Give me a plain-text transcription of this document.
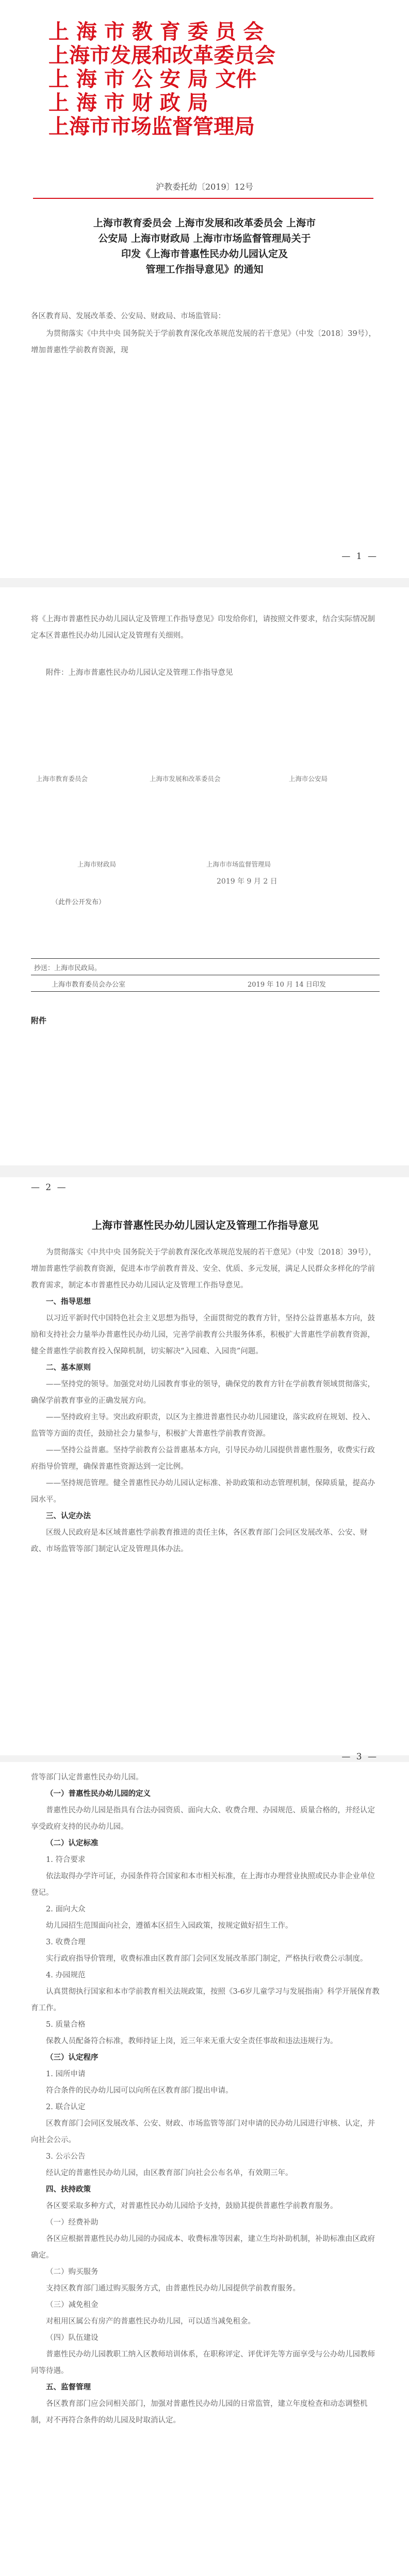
上 海 市 教 育 委 员 会
上海市发展和改革委员会
上 海 市 公 安 局 文件
上 海 市 财 政 局
上海市市场监督管理局
沪教委托幼〔2019〕12号
上海市教育委员会 上海市发展和改革委员会 上海市
公安局 上海市财政局 上海市市场监督管理局关于
印发《上海市普惠性民办幼儿园认定及
管理工作指导意见》的通知

各区教育局、发展改革委、公安局、财政局、市场监管局：

为贯彻落实《中共中央 国务院关于学前教育深化改革规范发展的若干意见》（中发〔2018〕39号），增加普惠性学前教育资源，现

— 1 —

将《上海市普惠性民办幼儿园认定及管理工作指导意见》印发给你们，请按照文件要求，结合实际情况制定本区普惠性民办幼儿园认定及管理有关细则。

附件：上海市普惠性民办幼儿园认定及管理工作指导意见

上海市教育委员会	上海市发展和改革委员会	上海市公安局
上海市财政局	上海市市场监督管理局
2019 年 9 月 2 日
（此件公开发布）
抄送：上海市民政局。
上海市教育委员会办公室	2019 年 10 月 14 日印发
附件
— 2 —
上海市普惠性民办幼儿园认定及管理工作指导意见

为贯彻落实《中共中央 国务院关于学前教育深化改革规范发展的若干意见》（中发〔2018〕39号），增加普惠性学前教育资源，促进本市学前教育普及、安全、优质、多元发展，满足人民群众多样化的学前教育需求，制定本市普惠性民办幼儿园认定及管理工作指导意见。

一、指导思想

以习近平新时代中国特色社会主义思想为指导，全面贯彻党的教育方针，坚持公益普惠基本方向，鼓励和支持社会力量举办普惠性民办幼儿园，完善学前教育公共服务体系，积极扩大普惠性学前教育资源，健全普惠性学前教育投入保障机制，切实解决“入园难、入园贵”问题。

二、基本原则

——坚持党的领导。加强党对幼儿园教育事业的领导，确保党的教育方针在学前教育领域贯彻落实，确保学前教育事业的正确发展方向。

——坚持政府主导。突出政府职责，以区为主推进普惠性民办幼儿园建设，落实政府在规划、投入、监管等方面的责任，鼓励社会力量参与，积极扩大普惠性学前教育资源。

——坚持公益普惠。坚持学前教育公益普惠基本方向，引导民办幼儿园提供普惠性服务，收费实行政府指导价管理，确保普惠性资源达到一定比例。

——坚持规范管理。健全普惠性民办幼儿园认定标准、补助政策和动态管理机制，保障质量，提高办园水平。

三、认定办法

区级人民政府是本区域普惠性学前教育推进的责任主体，各区教育部门会同区发展改革、公安、财政、市场监管等部门制定认定及管理具体办法。

— 3 —

营等部门认定普惠性民办幼儿园。

（一）普惠性民办幼儿园的定义

普惠性民办幼儿园是指具有合法办园资质、面向大众、收费合理、办园规范、质量合格的，并经认定享受政府支持的民办幼儿园。

（二）认定标准

1. 符合要求

依法取得办学许可证，办园条件符合国家和本市相关标准，在上海市办理营业执照或民办非企业单位登记。

2. 面向大众

幼儿园招生范围面向社会，遵循本区招生入园政策，按规定做好招生工作。

3. 收费合理

实行政府指导价管理，收费标准由区教育部门会同区发展改革部门制定，严格执行收费公示制度。

4. 办园规范

认真贯彻执行国家和本市学前教育相关法规政策，按照《3-6岁儿童学习与发展指南》科学开展保育教育工作。

5. 质量合格

保教人员配备符合标准，教师持证上岗，近三年来无重大安全责任事故和违法违规行为。

（三）认定程序

1. 园所申请

符合条件的民办幼儿园可以向所在区教育部门提出申请。

2. 联合认定

区教育部门会同区发展改革、公安、财政、市场监管等部门对申请的民办幼儿园进行审核、认定，并向社会公示。

3. 公示公告

经认定的普惠性民办幼儿园，由区教育部门向社会公布名单，有效期三年。

四、扶持政策

各区要采取多种方式，对普惠性民办幼儿园给予支持，鼓励其提供普惠性学前教育服务。

（一）经费补助

各区应根据普惠性民办幼儿园的办园成本、收费标准等因素，建立生均补助机制，补助标准由区政府确定。

（二）购买服务

支持区教育部门通过购买服务方式，由普惠性民办幼儿园提供学前教育服务。

（三）减免租金

对租用区属公有房产的普惠性民办幼儿园，可以适当减免租金。

（四）队伍建设

普惠性民办幼儿园教职工纳入区教师培训体系，在职称评定、评优评先等方面享受与公办幼儿园教师同等待遇。

五、监督管理

各区教育部门应会同相关部门，加强对普惠性民办幼儿园的日常监管，建立年度检查和动态调整机制，对不再符合条件的幼儿园及时取消认定。
